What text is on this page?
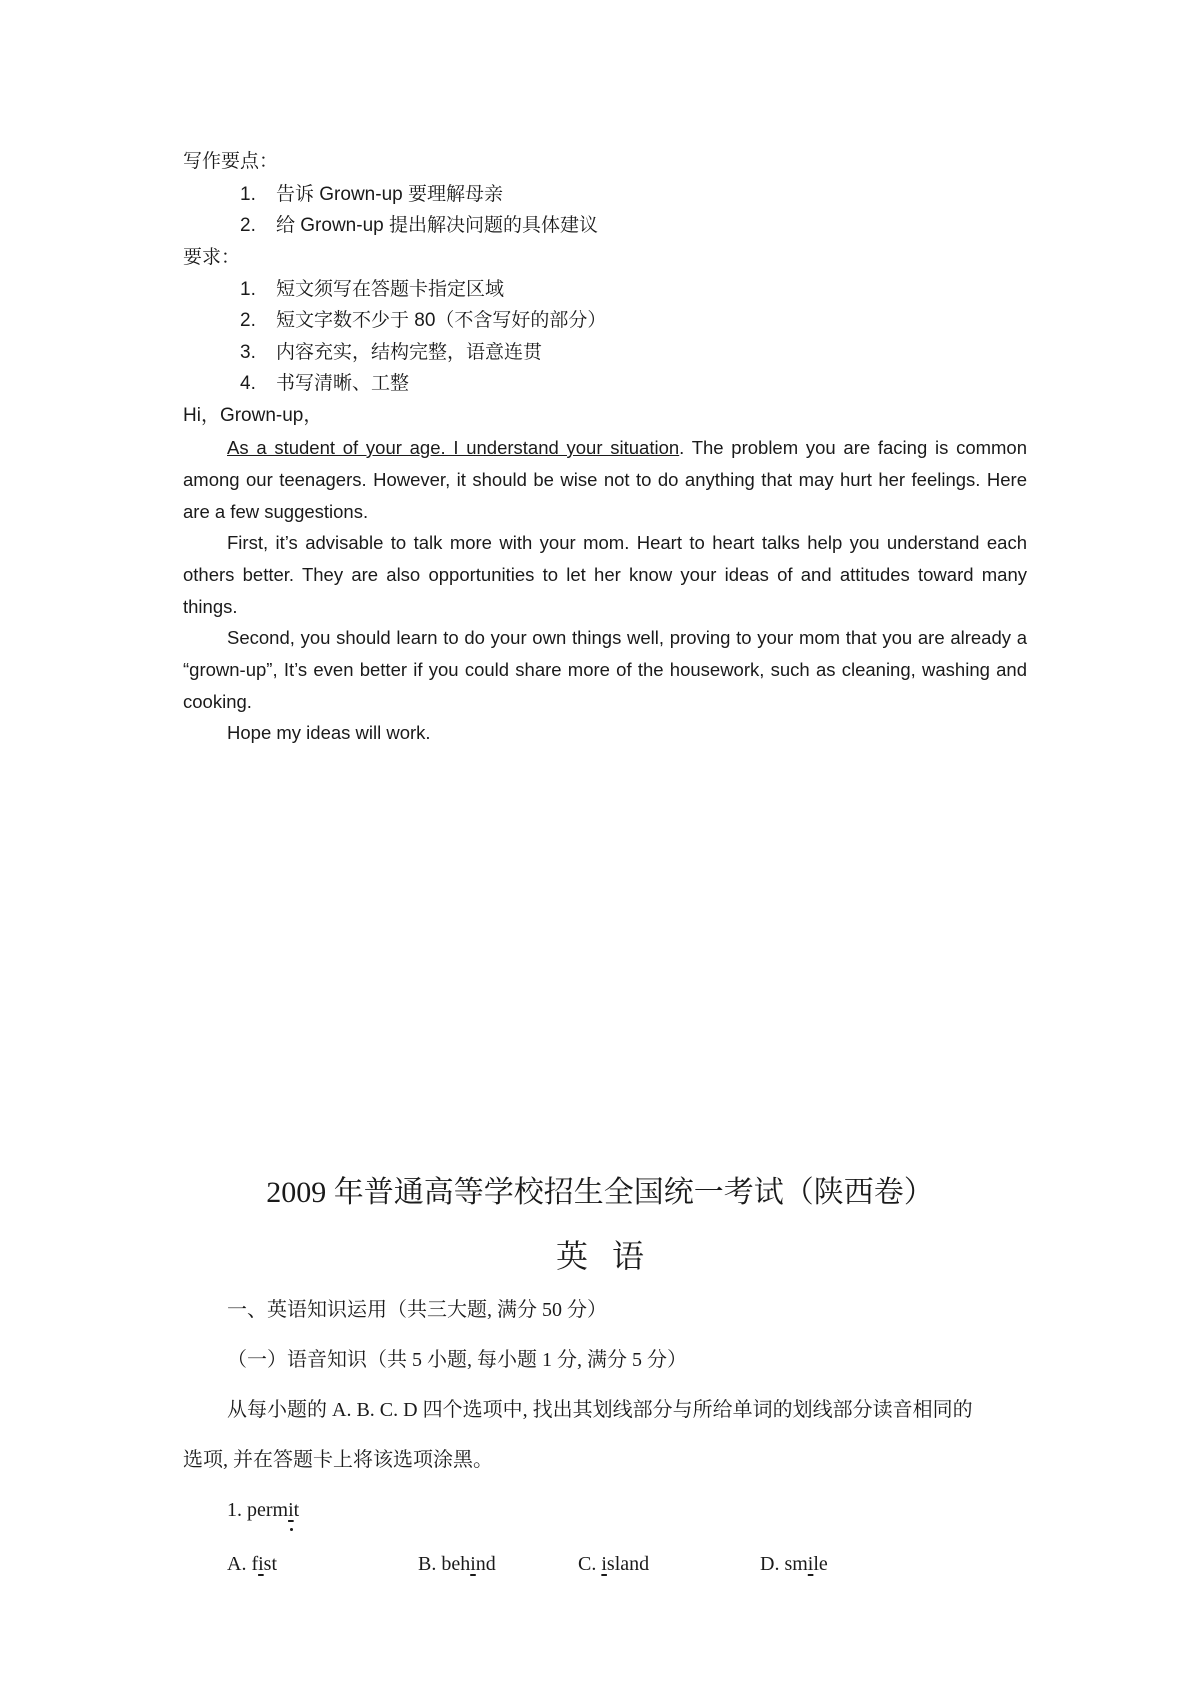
写作要点：
1. 告诉 Grown-up 要理解母亲
2. 给 Grown-up 提出解决问题的具体建议
要求：
1. 短文须写在答题卡指定区域
2. 短文字数不少于 80（不含写好的部分）
3. 内容充实，结构完整，语意连贯
4. 书写清晰、工整
Hi，Grown-up，
As a student of your age. I understand your situation. The problem you are facing is common among our teenagers. However, it should be wise not to do anything that may hurt her feelings. Here are a few suggestions.
First, it’s advisable to talk more with your mom. Heart to heart talks help you understand each others better. They are also opportunities to let her know your ideas of and attitudes toward many things.
Second, you should learn to do your own things well, proving to your mom that you are already a “grown-up”, It’s even better if you could share more of the housework, such as cleaning, washing and cooking.
Hope my ideas will work.
2009 年普通高等学校招生全国统一考试（陕西卷）
英语
一、英语知识运用（共三大题, 满分 50 分）
（一）语音知识（共 5 小题, 每小题 1 分, 满分 5 分）
从每小题的 A. B. C. D 四个选项中, 找出其划线部分与所给单词的划线部分读音相同的
选项, 并在答题卡上将该选项涂黑。
1. permit
A. fist	B. behind	C. island	D. smile
